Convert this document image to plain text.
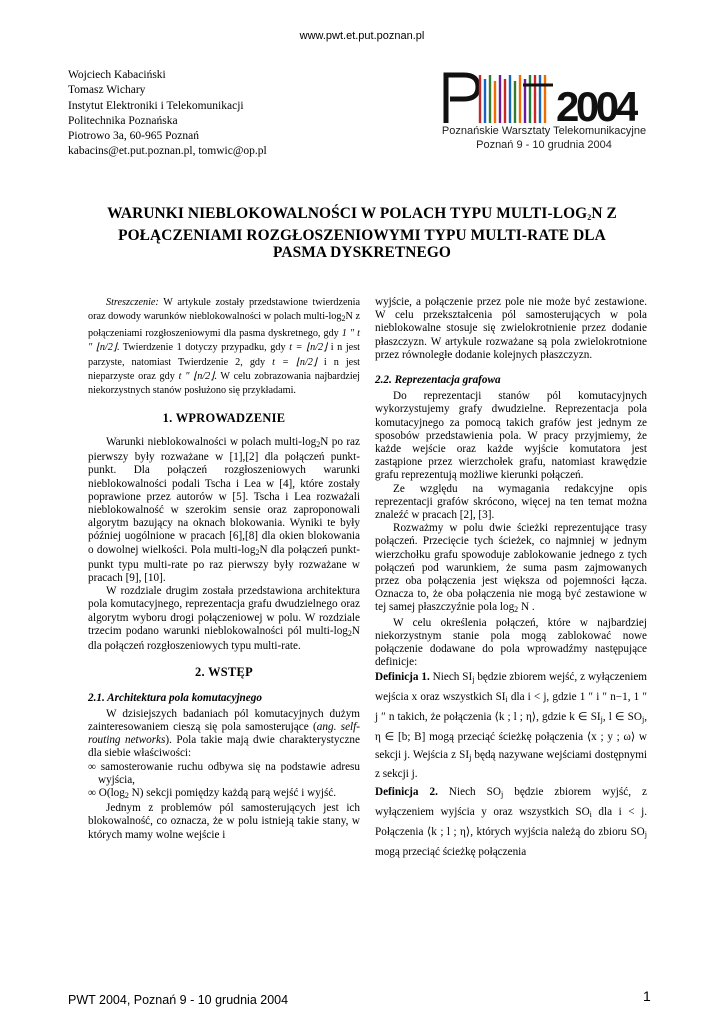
www.pwt.et.put.poznan.pl
Wojciech Kabaciński
Tomasz Wichary
Instytut Elektroniki i Telekomunikacji
Politechnika Poznańska
Piotrowo 3a, 60-965 Poznań
kabacins@et.put.poznan.pl, tomwic@op.pl
2004
Poznańskie Warsztaty Telekomunikacyjne
Poznań 9 - 10 grudnia 2004
WARUNKI NIEBLOKOWALNOŚCI W POLACH TYPU MULTI-$LOG_2N$ Z
POŁĄCZENIAMI ROZGŁOSZENIOWYMI TYPU MULTI-RATE DLA
PASMA DYSKRETNEGO

Streszczenie: W artykule zostały przedstawione twierdzenia oraz dowody warunków nieblokowalności w polach multi-$\log_2N$ z połączeniami rozgłoszeniowymi dla pasma dyskretnego, gdy 1 ″ t ″ ⌊n/2⌋. Twierdzenie 1 dotyczy przypadku, gdy t = ⌊n/2⌋ i n jest parzyste, natomiast Twierdzenie 2, gdy t = ⌊n/2⌋ i n jest nieparzyste oraz gdy t ″ ⌊n/2⌋. W celu zobrazowania najbardziej niekorzystnych stanów posłużono się przykładami.

1. WPROWADZENIE

Warunki nieblokowalności w polach multi-$\log_2N$ po raz pierwszy były rozważane w [1],[2] dla połączeń punkt-punkt. Dla połączeń rozgłoszeniowych warunki nieblokowalności podali Tscha i Lea w [4], które zostały poprawione przez autorów w [5]. Tscha i Lea rozważali nieblokowalność w szerokim sensie oraz zaproponowali algorytm bazujący na oknach blokowania. Wyniki te były później uogólnione w pracach [6],[8] dla okien blokowania o dowolnej wielkości. Pola multi-$\log_2N$ dla połączeń punkt-punkt typu multi-rate po raz pierwszy były rozważane w pracach [9], [10].

W rozdziale drugim została przedstawiona architektura pola komutacyjnego, reprezentacja grafu dwudzielnego oraz algorytm wyboru drogi połączeniowej w polu. W rozdziale trzecim podano warunki nieblokowalności pól multi-$\log_2N$ dla połączeń rozgłoszeniowych typu multi-rate.

2. WSTĘP
2.1. Architektura pola komutacyjnego

W dzisiejszych badaniach pól komutacyjnych dużym zainteresowaniem cieszą się pola samosterujące (ang. self-routing networks). Pola takie mają dwie charakterystyczne dla siebie właściwości:

∞ samosterowanie ruchu odbywa się na podstawie adresu wyjścia,

∞ $O(\log_2$ N) sekcji pomiędzy każdą parą wejść i wyjść.

Jednym z problemów pól samosterujących jest ich blokowalność, co oznacza, że w polu istnieją takie stany, w których mamy wolne wejście i

wyjście, a połączenie przez pole nie może być zestawione. W celu przekształcenia pól samosterujących w pola nieblokowalne stosuje się zwielokrotnienie przez dodanie płaszczyzn. W artykule rozważane są pola zwielokrotnione przez równoległe dodanie kolejnych płaszczyzn.

2.2. Reprezentacja grafowa

Do reprezentacji stanów pól komutacyjnych wykorzystujemy grafy dwudzielne. Reprezentacja pola komutacyjnego za pomocą takich grafów jest jednym ze sposobów przedstawienia pola. W pracy przyjmiemy, że każde wejście oraz każde wyjście komutatora jest zastąpione przez wierzchołek grafu, natomiast krawędzie grafu reprezentują możliwe kierunki połączeń.

Ze względu na wymagania redakcyjne opis reprezentacji grafów skrócono, więcej na ten temat można znaleźć w pracach [2], [3].

Rozważmy w polu dwie ścieżki reprezentujące trasy połączeń. Przecięcie tych ścieżek, co najmniej w jednym wierzchołku grafu spowoduje zablokowanie jednego z tych połączeń pod warunkiem, że suma pasm zajmowanych przez oba połączenia jest większa od pojemności łącza. Oznacza to, że oba połączenia nie mogą być zestawione w tej samej płaszczyźnie pola $\log_2 N$ .

W celu określenia połączeń, które w najbardziej niekorzystnym stanie pola mogą zablokować nowe połączenie dodawane do pola wprowadźmy następujące definicje:

Definicja 1. Niech $SI_j$ będzie zbiorem wejść, z wyłączeniem wejścia x oraz wszystkich $SI_i$ dla i < j, gdzie 1 ″ i ″ n−1, 1 ″ j ″ n takich, że połączenia ⟨k ; l ; η⟩, gdzie k ∈ $SI_j$, l ∈ $SO_j$, η ∈ [b; B] mogą przeciąć ścieżkę połączenia ⟨x ; y ; ω⟩ w sekcji j. Wejścia z $SI_j$ będą nazywane wejściami dostępnymi z sekcji j.

Definicja 2. Niech $SO_j$ będzie zbiorem wyjść, z wyłączeniem wyjścia y oraz wszystkich $SO_i$ dla i < j. Połączenia ⟨k ; l ; η⟩, których wyjścia należą do zbioru $SO_j$ mogą przeciąć ścieżkę połączenia

PWT 2004, Poznań 9 - 10 grudnia 2004	1
